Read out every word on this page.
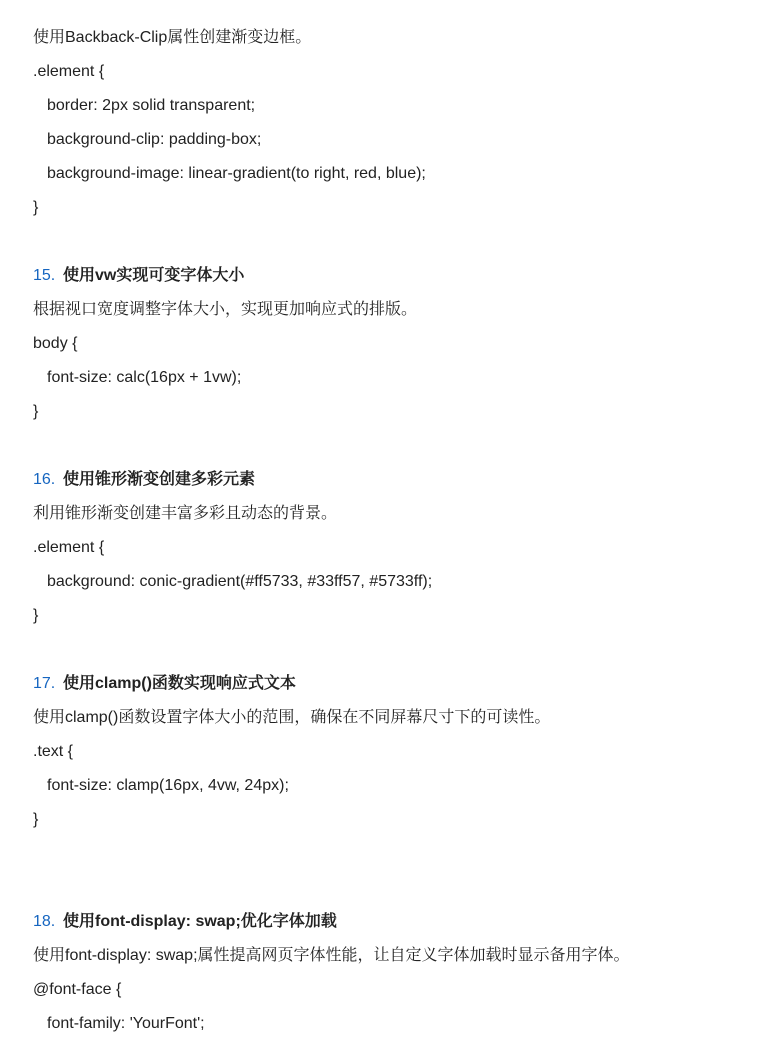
使用Backback-Clip属性创建渐变边框。
.element {
border: 2px solid transparent;
background-clip: padding-box;
background-image: linear-gradient(to right, red, blue);
}
15. 使用vw实现可变字体大小
根据视口宽度调整字体大小，实现更加响应式的排版。
body {
font-size: calc(16px + 1vw);
}
16. 使用锥形渐变创建多彩元素
利用锥形渐变创建丰富多彩且动态的背景。
.element {
background: conic-gradient(#ff5733, #33ff57, #5733ff);
}
17. 使用clamp()函数实现响应式文本
使用clamp()函数设置字体大小的范围，确保在不同屏幕尺寸下的可读性。
.text {
font-size: clamp(16px, 4vw, 24px);
}
18. 使用font-display: swap;优化字体加载
使用font-display: swap;属性提高网页字体性能，让自定义字体加载时显示备用字体。
@font-face {
font-family: 'YourFont';
